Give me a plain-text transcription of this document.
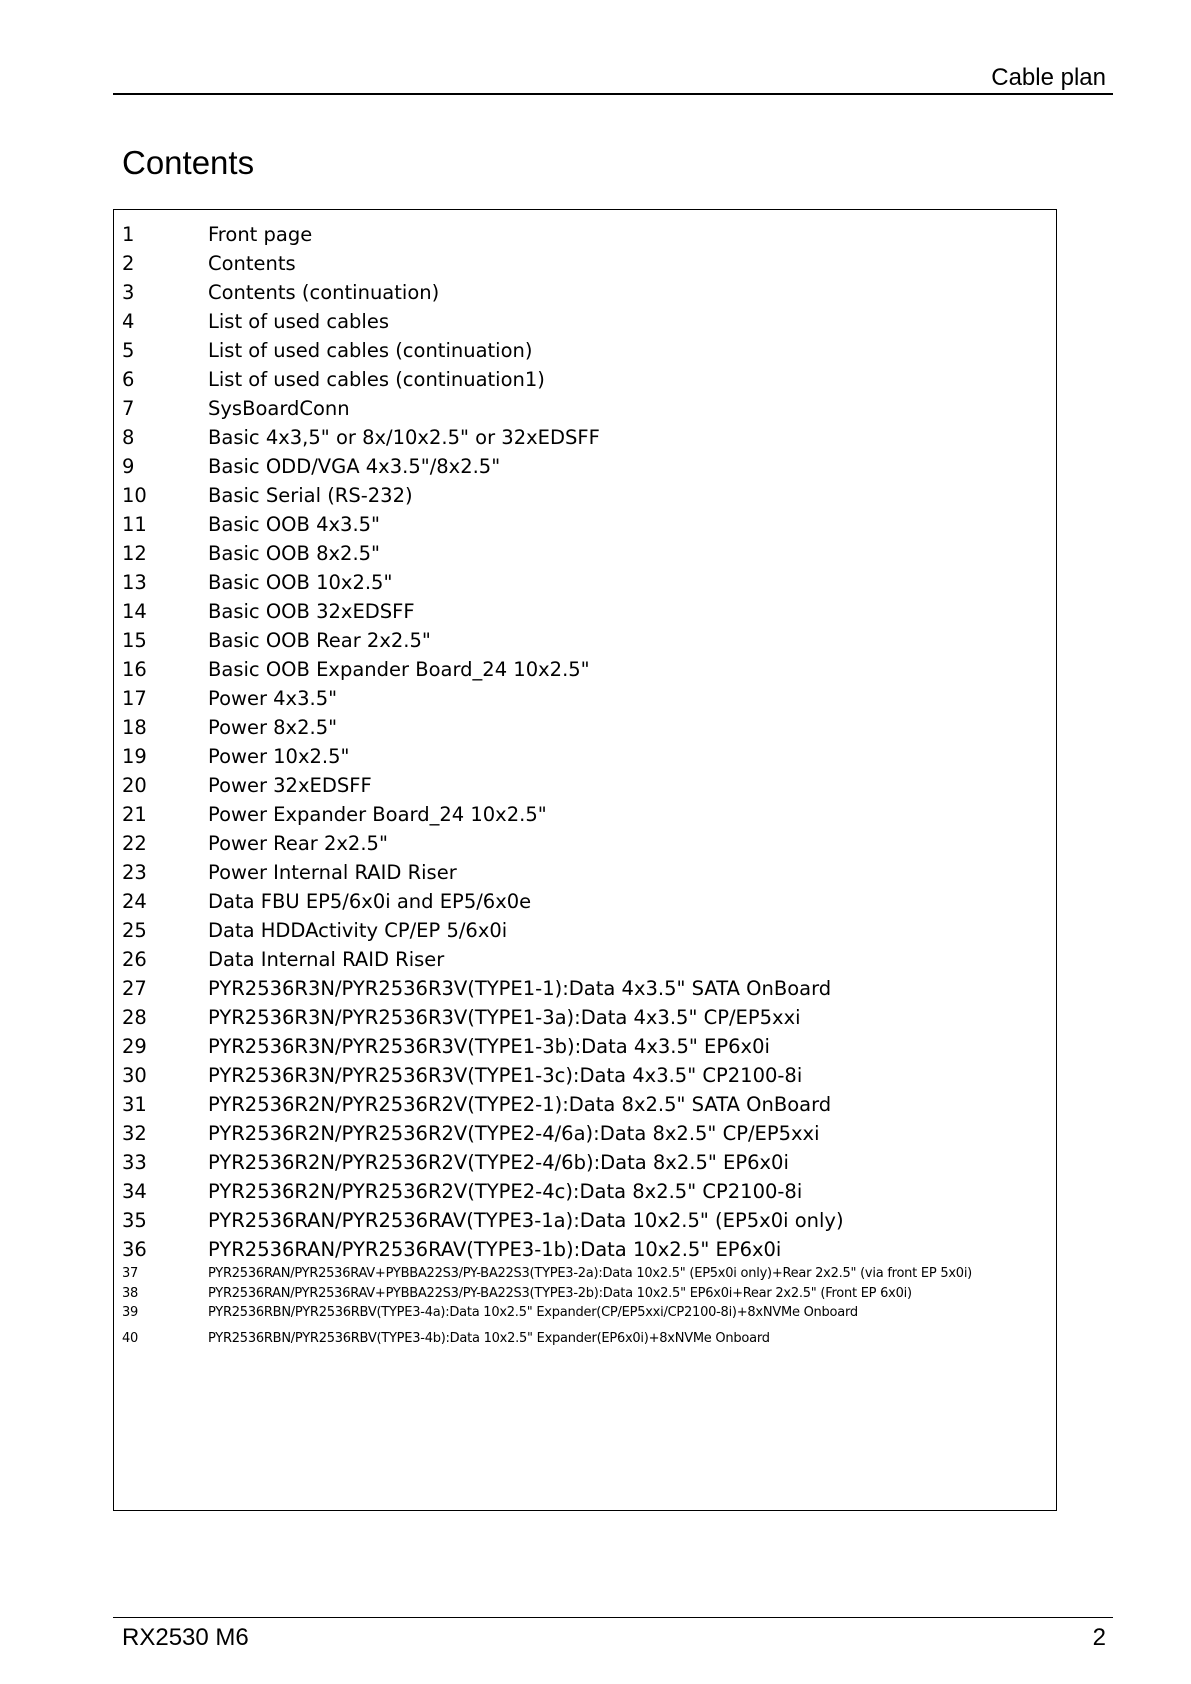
Cable plan
Contents
1	Front page
2	Contents
3	Contents (continuation)
4	List of used cables
5	List of used cables (continuation)
6	List of used cables (continuation1)
7	SysBoardConn
8	Basic 4x3,5" or 8x/10x2.5" or 32xEDSFF
9	Basic ODD/VGA 4x3.5"/8x2.5"
10	Basic Serial (RS-232)
11	Basic OOB 4x3.5"
12	Basic OOB 8x2.5"
13	Basic OOB 10x2.5"
14	Basic OOB 32xEDSFF
15	Basic OOB Rear 2x2.5"
16	Basic OOB Expander Board_24 10x2.5"
17	Power 4x3.5"
18	Power 8x2.5"
19	Power 10x2.5"
20	Power 32xEDSFF
21	Power Expander Board_24 10x2.5"
22	Power Rear 2x2.5"
23	Power Internal RAID Riser
24	Data FBU EP5/6x0i and EP5/6x0e
25	Data HDDActivity CP/EP 5/6x0i
26	Data Internal RAID Riser
27	PYR2536R3N/PYR2536R3V(TYPE1-1):Data 4x3.5" SATA OnBoard
28	PYR2536R3N/PYR2536R3V(TYPE1-3a):Data 4x3.5" CP/EP5xxi
29	PYR2536R3N/PYR2536R3V(TYPE1-3b):Data 4x3.5" EP6x0i
30	PYR2536R3N/PYR2536R3V(TYPE1-3c):Data 4x3.5" CP2100-8i
31	PYR2536R2N/PYR2536R2V(TYPE2-1):Data 8x2.5" SATA OnBoard
32	PYR2536R2N/PYR2536R2V(TYPE2-4/6a):Data 8x2.5" CP/EP5xxi
33	PYR2536R2N/PYR2536R2V(TYPE2-4/6b):Data 8x2.5" EP6x0i
34	PYR2536R2N/PYR2536R2V(TYPE2-4c):Data 8x2.5" CP2100-8i
35	PYR2536RAN/PYR2536RAV(TYPE3-1a):Data 10x2.5" (EP5x0i only)
36	PYR2536RAN/PYR2536RAV(TYPE3-1b):Data 10x2.5" EP6x0i
37	PYR2536RAN/PYR2536RAV+PYBBA22S3/PY-BA22S3(TYPE3-2a):Data 10x2.5" (EP5x0i only)+Rear 2x2.5" (via front EP 5x0i)
38	PYR2536RAN/PYR2536RAV+PYBBA22S3/PY-BA22S3(TYPE3-2b):Data 10x2.5" EP6x0i+Rear 2x2.5" (Front EP 6x0i)
39	PYR2536RBN/PYR2536RBV(TYPE3-4a):Data 10x2.5" Expander(CP/EP5xxi/CP2100-8i)+8xNVMe Onboard
40	PYR2536RBN/PYR2536RBV(TYPE3-4b):Data 10x2.5" Expander(EP6x0i)+8xNVMe Onboard
RX2530 M6	2
